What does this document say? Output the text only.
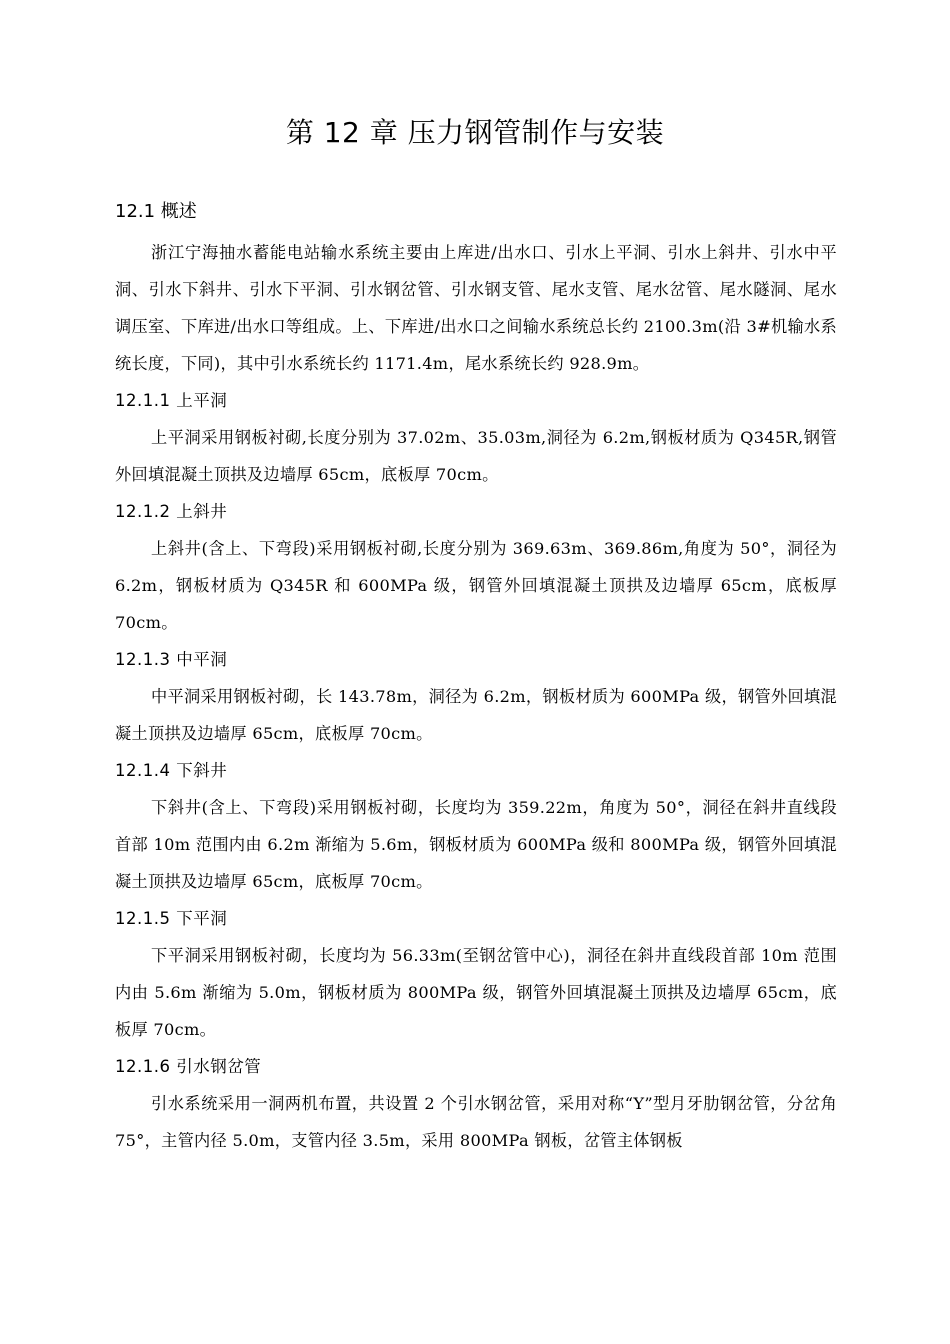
第 12 章 压力钢管制作与安装
12.1 概述

浙江宁海抽水蓄能电站输水系统主要由上库进/出水口、引水上平洞、引水上斜井、引水中平洞、引水下斜井、引水下平洞、引水钢岔管、引水钢支管、尾水支管、尾水岔管、尾水隧洞、尾水调压室、下库进/出水口等组成。上、下库进/出水口之间输水系统总长约 2100.3m(沿 3#机输水系统长度，下同)，其中引水系统长约 1171.4m，尾水系统长约 928.9m。

12.1.1 上平洞

上平洞采用钢板衬砌,长度分别为 37.02m、35.03m,洞径为 6.2m,钢板材质为 Q345R,钢管外回填混凝土顶拱及边墙厚 65cm，底板厚 70cm。

12.1.2 上斜井

上斜井(含上、下弯段)采用钢板衬砌,长度分别为 369.63m、369.86m,角度为 50°，洞径为 6.2m，钢板材质为 Q345R 和 600MPa 级，钢管外回填混凝土顶拱及边墙厚 65cm，底板厚 70cm。

12.1.3 中平洞

中平洞采用钢板衬砌，长 143.78m，洞径为 6.2m，钢板材质为 600MPa 级，钢管外回填混凝土顶拱及边墙厚 65cm，底板厚 70cm。

12.1.4 下斜井

下斜井(含上、下弯段)采用钢板衬砌，长度均为 359.22m，角度为 50°，洞径在斜井直线段首部 10m 范围内由 6.2m 渐缩为 5.6m，钢板材质为 600MPa 级和 800MPa 级，钢管外回填混凝土顶拱及边墙厚 65cm，底板厚 70cm。

12.1.5 下平洞

下平洞采用钢板衬砌，长度均为 56.33m(至钢岔管中心)，洞径在斜井直线段首部 10m 范围内由 5.6m 渐缩为 5.0m，钢板材质为 800MPa 级，钢管外回填混凝土顶拱及边墙厚 65cm，底板厚 70cm。

12.1.6 引水钢岔管

引水系统采用一洞两机布置，共设置 2 个引水钢岔管，采用对称“Y”型月牙肋钢岔管，分岔角 75°，主管内径 5.0m，支管内径 3.5m，采用 800MPa 钢板，岔管主体钢板
